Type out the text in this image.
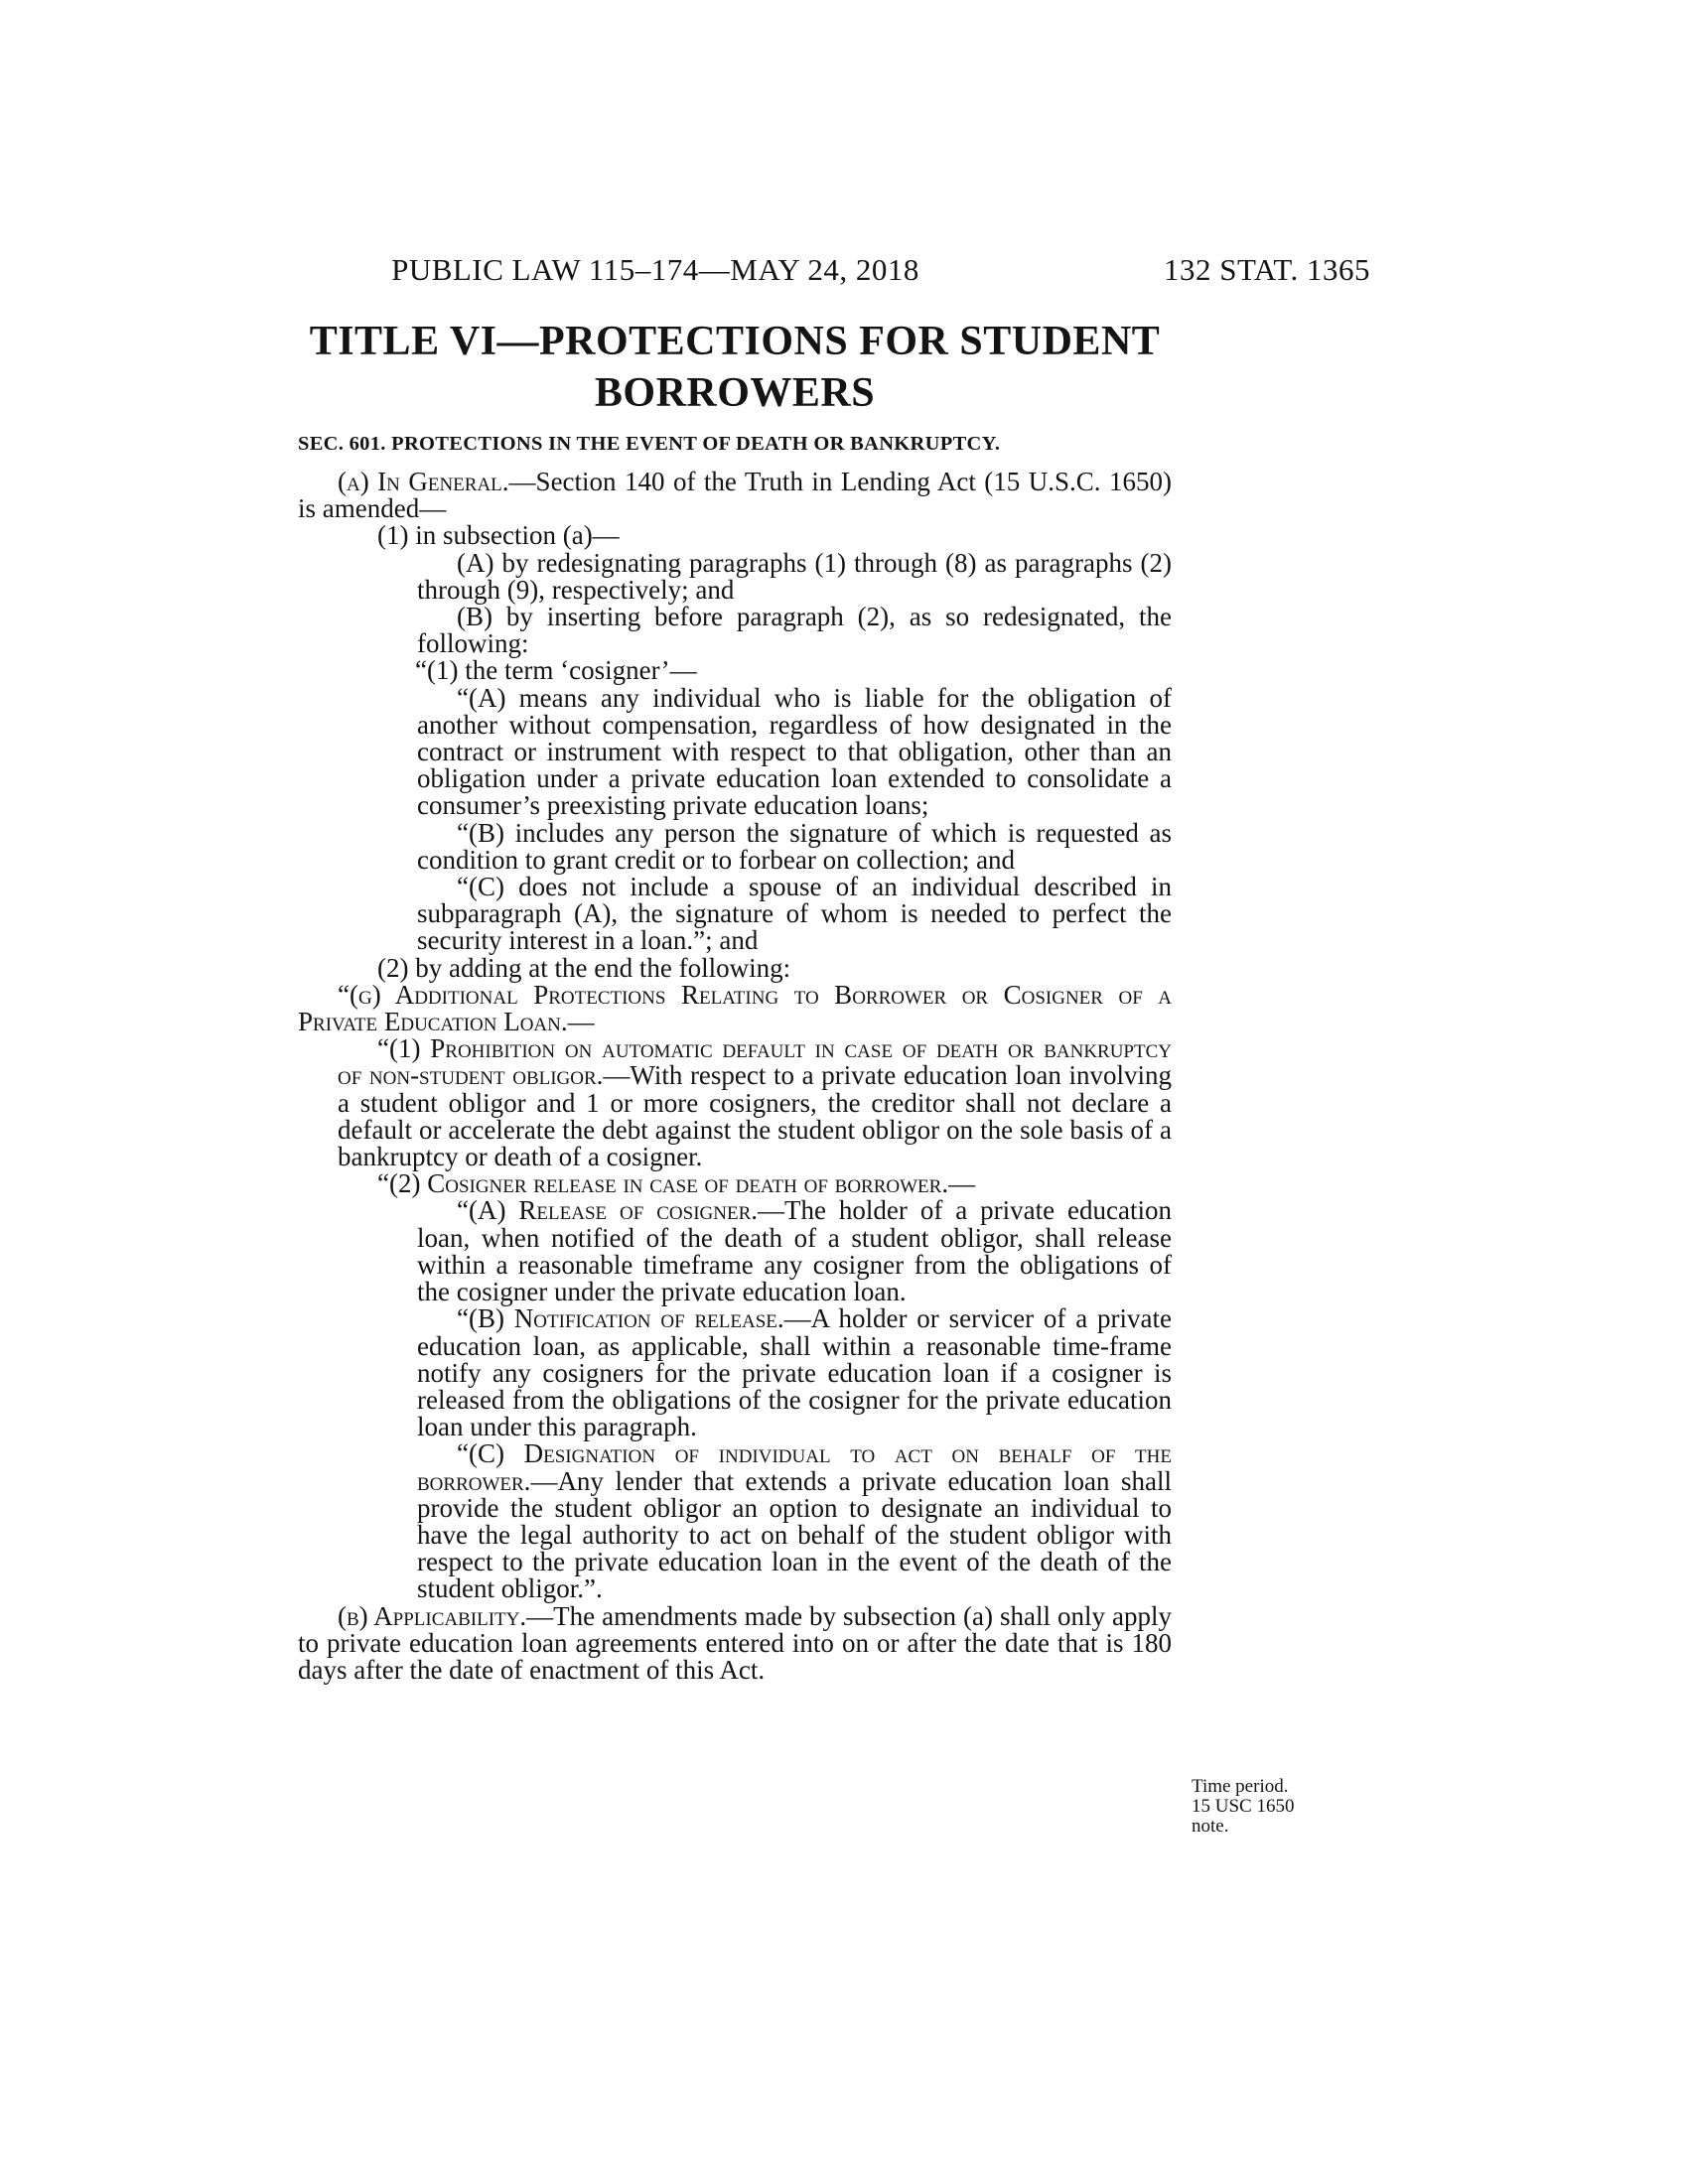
PUBLIC LAW 115–174—MAY 24, 2018	132 STAT. 1365
TITLE VI—PROTECTIONS FOR STUDENT
BORROWERS
SEC. 601. PROTECTIONS IN THE EVENT OF DEATH OR BANKRUPTCY.

(a) In General.—Section 140 of the Truth in Lending Act (15 U.S.C. 1650) is amended—

(1) in subsection (a)—

(A) by redesignating paragraphs (1) through (8) as paragraphs (2) through (9), respectively; and

(B) by inserting before paragraph (2), as so redesignated, the following:

“(1) the term ‘cosigner’—

“(A) means any individual who is liable for the obligation of another without compensation, regardless of how designated in the contract or instrument with respect to that obligation, other than an obligation under a private education loan extended to consolidate a consumer’s preexisting private education loans;

“(B) includes any person the signature of which is requested as condition to grant credit or to forbear on collection; and

“(C) does not include a spouse of an individual described in subparagraph (A), the signature of whom is needed to perfect the security interest in a loan.”; and

(2) by adding at the end the following:

“(g) Additional Protections Relating to Borrower or Cosigner of a Private Education Loan.—

“(1) Prohibition on automatic default in case of death or bankruptcy of non-student obligor.—With respect to a private education loan involving a student obligor and 1 or more cosigners, the creditor shall not declare a default or accelerate the debt against the student obligor on the sole basis of a bankruptcy or death of a cosigner.

“(2) Cosigner release in case of death of borrower.—

“(A) Release of cosigner.—The holder of a private education loan, when notified of the death of a student obligor, shall release within a reasonable timeframe any cosigner from the obligations of the cosigner under the private education loan.

“(B) Notification of release.—A holder or servicer of a private education loan, as applicable, shall within a reasonable time-frame notify any cosigners for the private education loan if a cosigner is released from the obligations of the cosigner for the private education loan under this paragraph.

“(C) Designation of individual to act on behalf of the borrower.—Any lender that extends a private education loan shall provide the student obligor an option to designate an individual to have the legal authority to act on behalf of the student obligor with respect to the private education loan in the event of the death of the student obligor.”.

(b) Applicability.—The amendments made by subsection (a) shall only apply to private education loan agreements entered into on or after the date that is 180 days after the date of enactment of this Act.

Time period.
15 USC 1650
note.
